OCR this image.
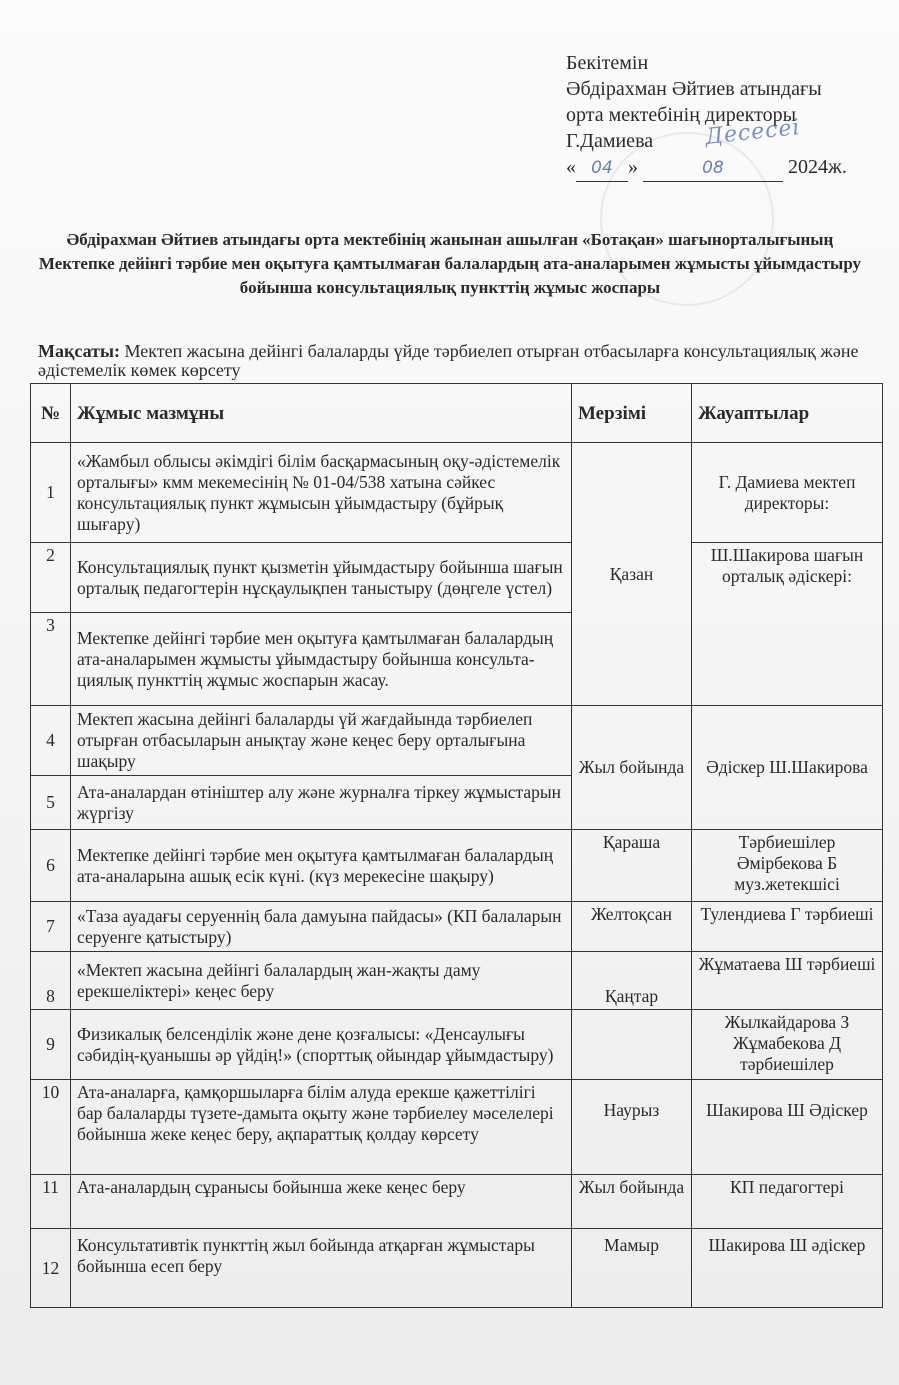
Бекітемін
Әбдірахман Әйтиев атындағы
орта мектебінің директоры
Г.Дамиева
« 04 »	08	2024ж.
Десесеі
Әбдірахман Әйтиев атындағы орта мектебінің жанынан ашылған «Ботақан» шағынорталығының Мектепке дейінгі тәрбие мен оқытуға қамтылмаған балалардың ата-аналарымен жұмысты ұйымдастыру бойынша консультациялық пункттің жұмыс жоспары
Мақсаты: Мектеп жасына дейінгі балаларды үйде тәрбиелеп отырған отбасыларға консультациялық және әдістемелік көмек көрсету
№	Жұмыс мазмұны	Мерзімі	Жауаптылар
1	«Жамбыл облысы әкімдігі білім басқармасының оқу-әдістемелік орталығы» кмм мекемесінің № 01-04/538 хатына сәйкес консультациялық пункт жұмысын ұйымдастыру (бұйрық шығару)	Қазан	Г. Дамиева мектеп директоры:
2	Консультациялық пункт қызметін ұйымдастыру бойынша шағын орталық педагогтерін нұсқаулықпен таныстыру (дөңгеле үстел)		Ш.Шакирова шағын орталық әдіскері:
3	Мектепке дейінгі тәрбие мен оқытуға қамтылмаған балалардың ата-аналарымен жұмысты ұйымдастыру бойынша консульта-циялық пункттің жұмыс жоспарын жасау.		
4	Мектеп жасына дейінгі балаларды үй жағдайында тәрбиелеп отырған отбасыларын анықтау және кеңес беру орталығына шақыру	Жыл бойында	Әдіскер Ш.Шакирова
5	Ата-аналардан өтініштер алу және журналға тіркеу жұмыстарын жүргізу		
6	Мектепке дейінгі тәрбие мен оқытуға қамтылмаған балалардың ата-аналарына ашық есік күні. (күз мерекесіне шақыру)	Қараша	Тәрбиешілер Әмірбекова Б муз.жетекшісі
7	«Таза ауадағы серуеннің бала дамуына пайдасы» (КП балаларын серуенге қатыстыру)	Желтоқсан	Тулендиева Г тәрбиеші
8	«Мектеп жасына дейінгі балалардың жан-жақты даму ерекшеліктері» кеңес беру	Қаңтар	Жұматаева Ш тәрбиеші
9	Физикалық белсенділік және дене қозғалысы: «Денсаулығы сәбидің-қуанышы әр үйдің!» (спорттық ойындар ұйымдастыру)		Жылкайдарова З Жұмабекова Д тәрбиешілер
10	Ата-аналарға, қамқоршыларға білім алуда ерекше қажеттілігі бар балаларды түзете-дамыта оқыту және тәрбиелеу мәселелері бойынша жеке кеңес беру, ақпараттық қолдау көрсету	Наурыз	Шакирова Ш Әдіскер
11	Ата-аналардың сұранысы бойынша жеке кеңес беру	Жыл бойында	КП педагогтері
12	Консультативтік пункттің жыл бойында атқарған жұмыстары бойынша есеп беру	Мамыр	Шакирова Ш әдіскер
